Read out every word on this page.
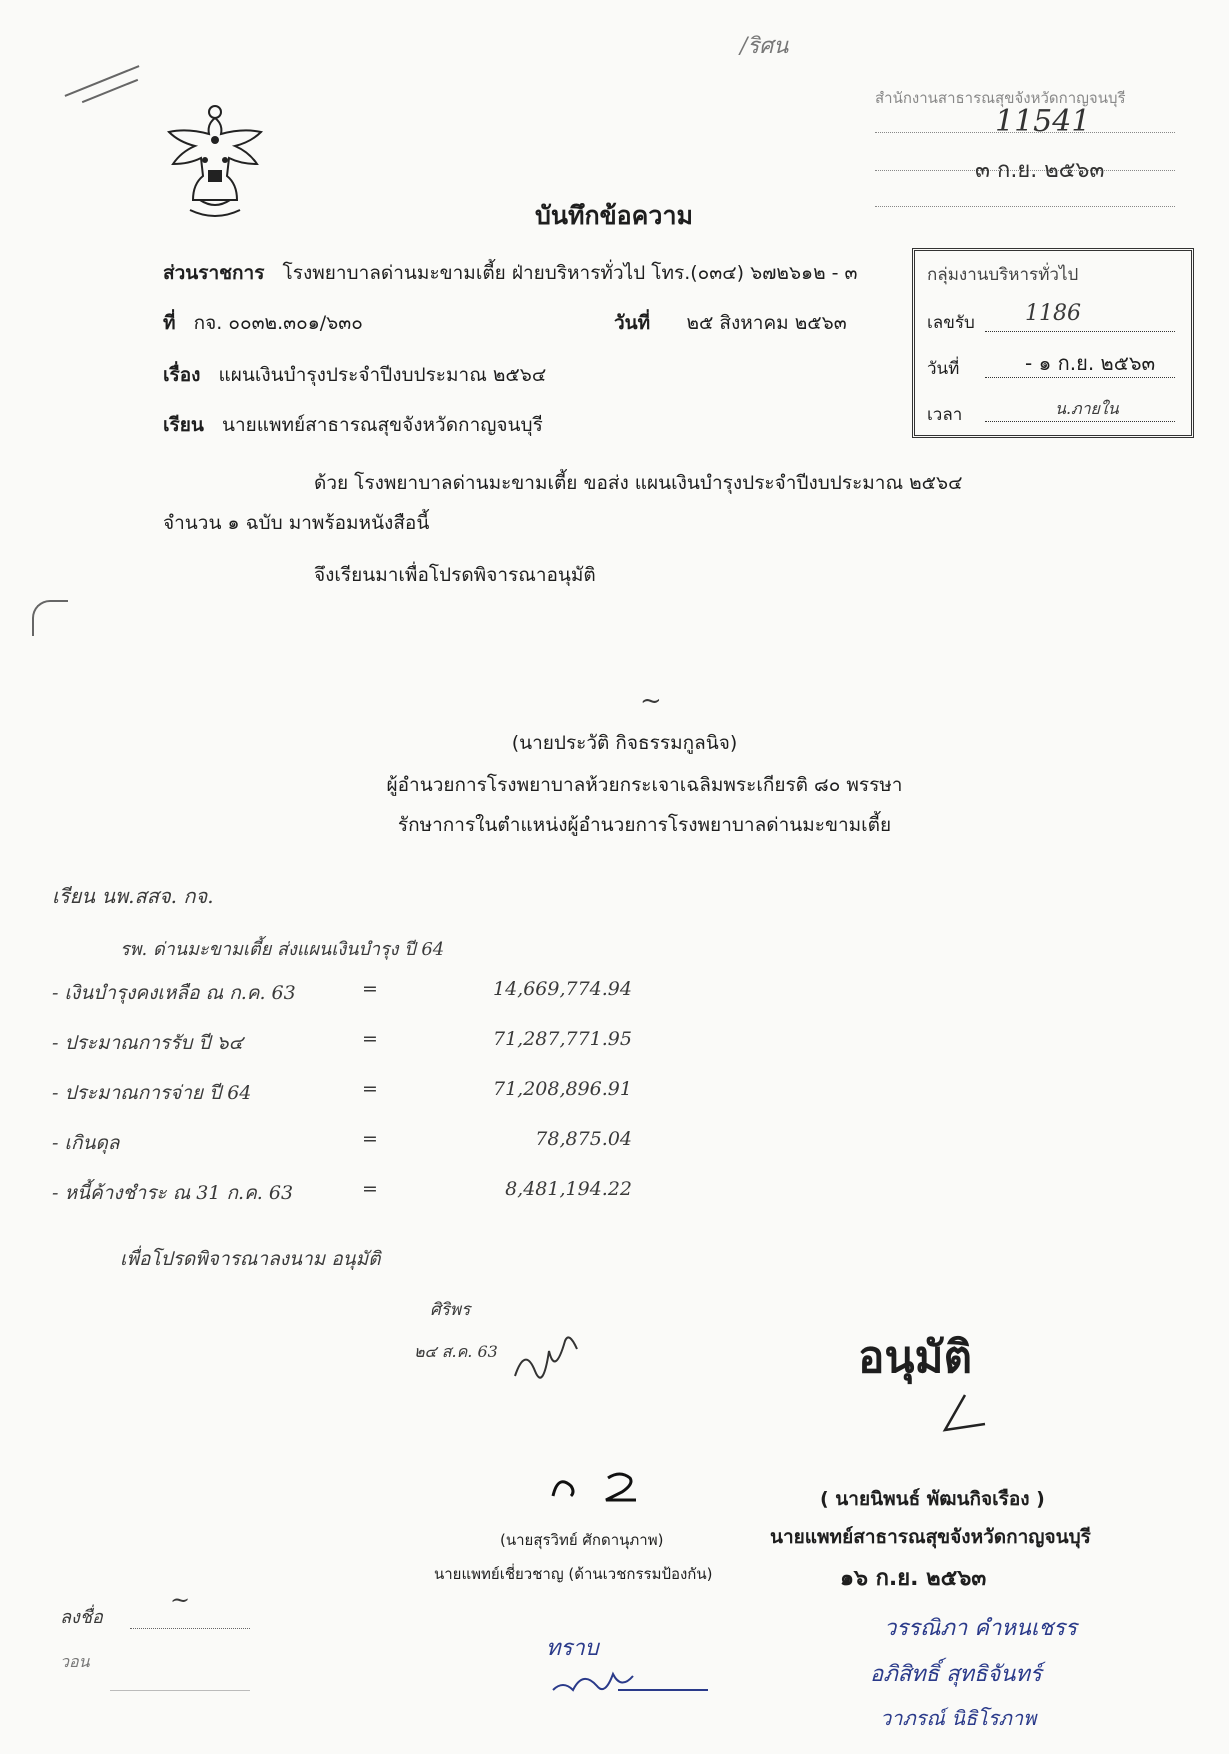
/ริศน
สำนักงานสาธารณสุขจังหวัดกาญจนบุรี
11541
๓ ก.ย. ๒๕๖๓
บันทึกข้อความ
ส่วนราชการ โรงพยาบาลด่านมะขามเตี้ย ฝ่ายบริหารทั่วไป โทร.(๐๓๔) ๖๗๒๖๑๒ - ๓
ที่ กจ. ๐๐๓๒.๓๐๑/๖๓๐	วันที่ ๒๕ สิงหาคม ๒๕๖๓
เรื่อง แผนเงินบำรุงประจำปีงบประมาณ ๒๕๖๔
เรียน นายแพทย์สาธารณสุขจังหวัดกาญจนบุรี
กลุ่มงานบริหารทั่วไป
เลขรับ 1186
วันที่	- ๑ ก.ย. ๒๕๖๓
เวลา	น.ภายใน
ด้วย โรงพยาบาลด่านมะขามเตี้ย ขอส่ง แผนเงินบำรุงประจำปีงบประมาณ ๒๕๖๔
จำนวน ๑ ฉบับ มาพร้อมหนังสือนี้
จึงเรียนมาเพื่อโปรดพิจารณาอนุมัติ
~
(นายประวัติ กิจธรรมกูลนิจ)
ผู้อำนวยการโรงพยาบาลห้วยกระเจาเฉลิมพระเกียรติ ๘๐ พรรษา
รักษาการในตำแหน่งผู้อำนวยการโรงพยาบาลด่านมะขามเตี้ย
เรียน นพ.สสจ. กจ.
รพ. ด่านมะขามเตี้ย ส่งแผนเงินบำรุง ปี 64
- เงินบำรุงคงเหลือ ณ ก.ค. 63	=	14,669,774.94
- ประมาณการรับ ปี ๖๔	=	71,287,771.95
- ประมาณการจ่าย ปี 64	=	71,208,896.91
- เกินดุล	=	78,875.04
- หนี้ค้างชำระ ณ 31 ก.ค. 63	=	8,481,194.22
เพื่อโปรดพิจารณาลงนาม อนุมัติ
ศิริพร
๒๔ ส.ค. 63	อนุมัติ
(นายสุรวิทย์ ศักดานุภาพ)
นายแพทย์เชี่ยวชาญ (ด้านเวชกรรมป้องกัน)
( นายนิพนธ์ พัฒนกิจเรือง )
นายแพทย์สาธารณสุขจังหวัดกาญจนบุรี
๑๖ ก.ย. ๒๕๖๓
ลงชื่อ
~
วอน
ทราบ
วรรณิภา คำหนเชรร
อภิสิทธิ์ สุทธิจันทร์
วาภรณ์ นิธิโรภาพ
